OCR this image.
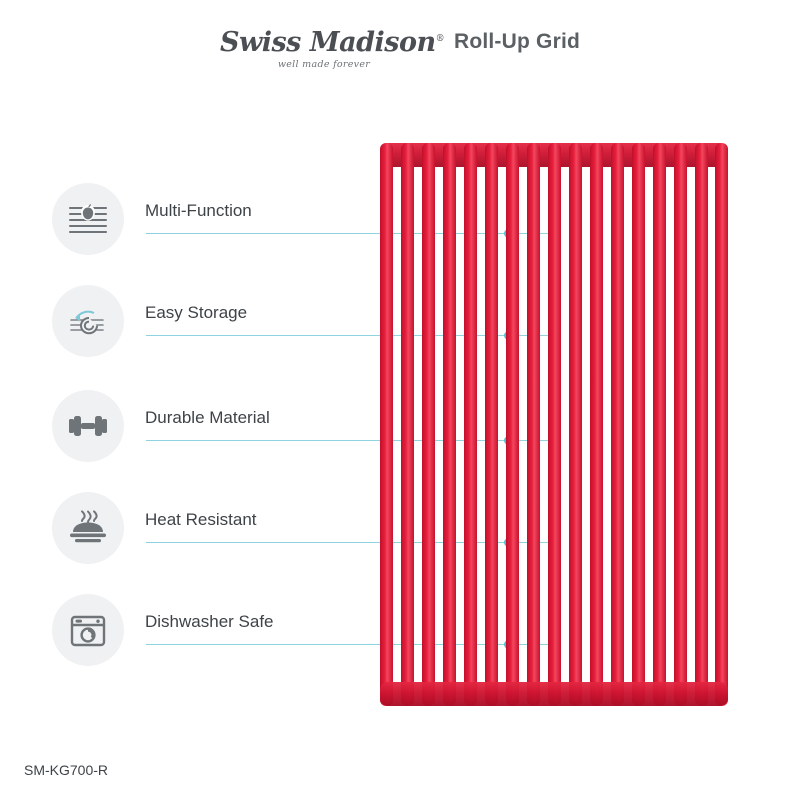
Swiss Madison®
well made forever
Roll-Up Grid
Multi-Function
Easy Storage
Durable Material
Heat Resistant
Dishwasher Safe
SM-KG700-R
